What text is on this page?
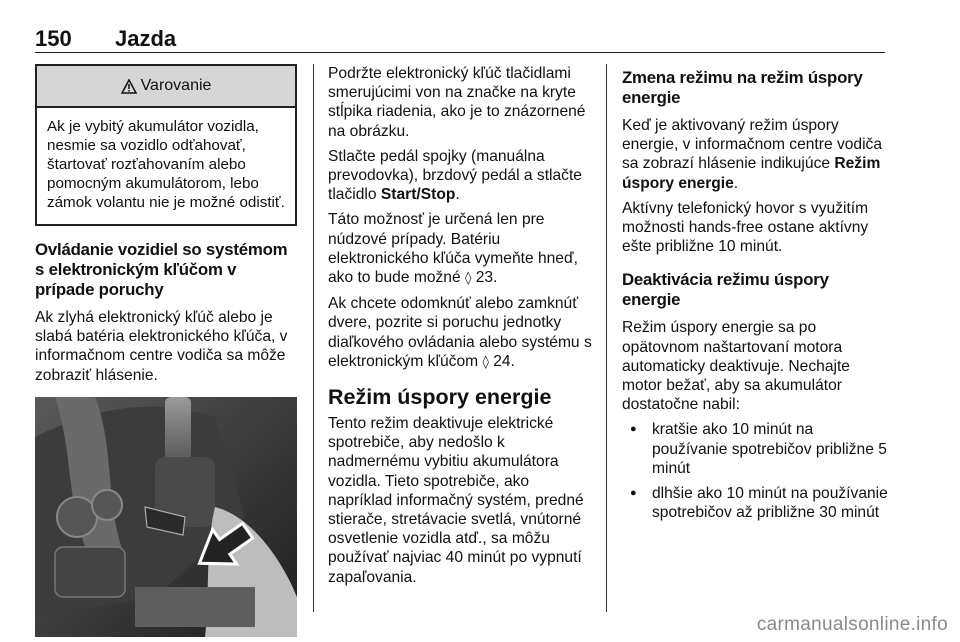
150 Jazda
Varovanie
Ak je vybitý akumulátor vozidla, nesmie sa vozidlo odťahovať, štartovať rozťahovaním alebo pomocným akumulátorom, lebo zámok volantu nie je možné odistiť.
Ovládanie vozidiel so systémom s elektronickým kľúčom v prípade poruchy

Ak zlyhá elektronický kľúč alebo je slabá batéria elektronického kľúča, v informačnom centre vodiča sa môže zobraziť hlásenie.

Podržte elektronický kľúč tlačidlami smerujúcimi von na značke na kryte stĺpika riadenia, ako je to znázornené na obrázku.

Stlačte pedál spojky (manuálna prevodovka), brzdový pedál a stlačte tlačidlo Start/Stop.

Táto možnosť je určená len pre núdzové prípady. Batériu elektronického kľúča vymeňte hneď, ako to bude možné ◊ 23.

Ak chcete odomknúť alebo zamknúť dvere, pozrite si poruchu jednotky diaľkového ovládania alebo systému s elektronickým kľúčom ◊ 24.

Režim úspory energie

Tento režim deaktivuje elektrické spotrebiče, aby nedošlo k nadmernému vybitiu akumulátora vozidla. Tieto spotrebiče, ako napríklad informačný systém, predné stierače, stretávacie svetlá, vnútorné osvetlenie vozidla atď., sa môžu používať najviac 40 minút po vypnutí zapaľovania.

Zmena režimu na režim úspory energie

Keď je aktivovaný režim úspory energie, v informačnom centre vodiča sa zobrazí hlásenie indikujúce Režim úspory energie.

Aktívny telefonický hovor s využitím možnosti hands-free ostane aktívny ešte približne 10 minút.

Deaktivácia režimu úspory energie

Režim úspory energie sa po opätovnom naštartovaní motora automaticky deaktivuje. Nechajte motor bežať, aby sa akumulátor dostatočne nabil:

● kratšie ako 10 minút na používanie spotrebičov približne 5 minút
● dlhšie ako 10 minút na používanie spotrebičov až približne 30 minút
carmanualsonline.info
